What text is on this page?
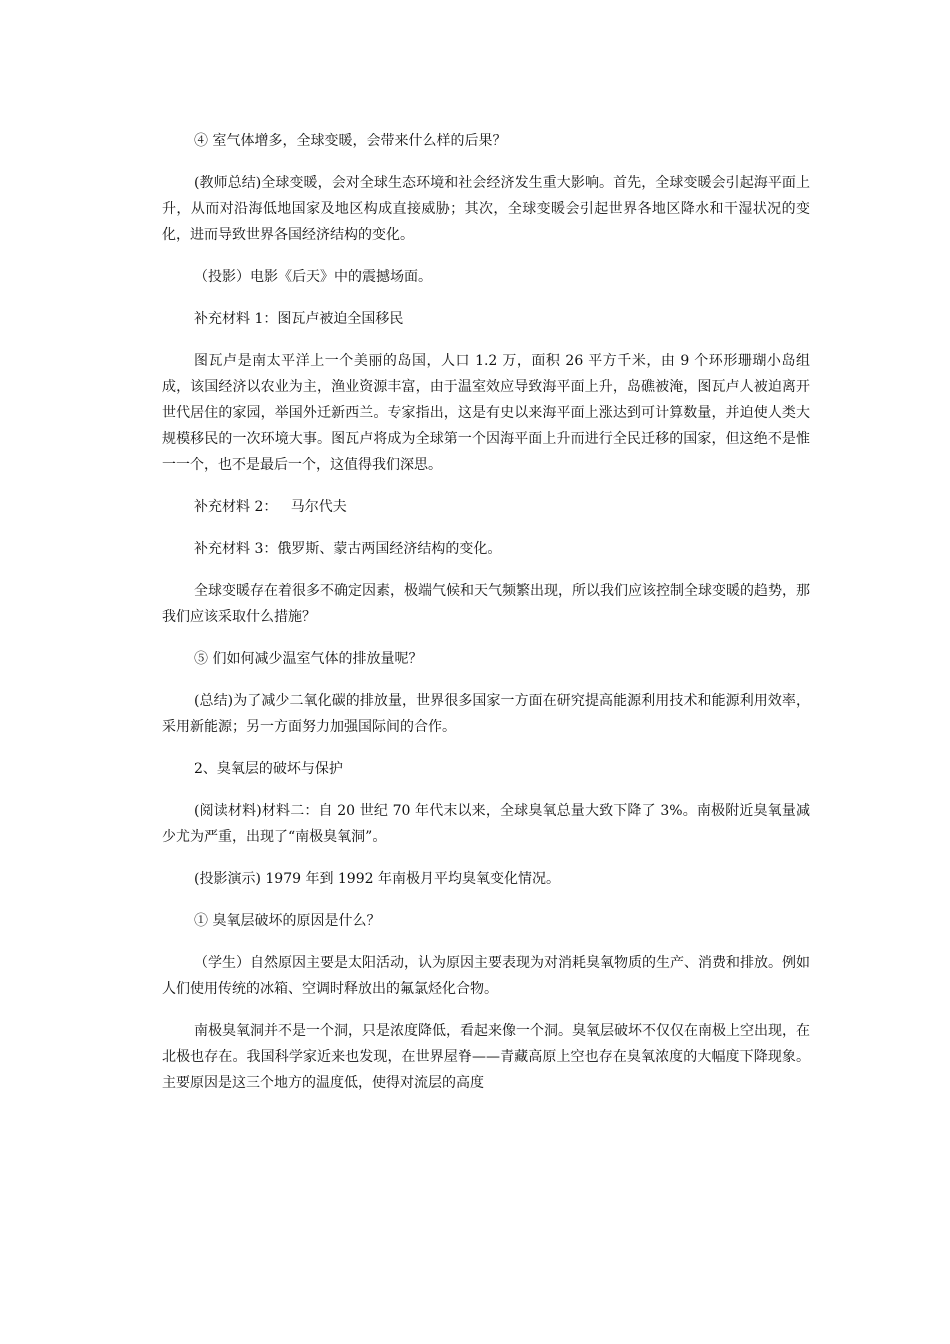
④ 室气体增多，全球变暖，会带来什么样的后果？

(教师总结)全球变暖，会对全球生态环境和社会经济发生重大影响。首先，全球变暖会引起海平面上升，从而对沿海低地国家及地区构成直接威胁；其次，全球变暖会引起世界各地区降水和干湿状况的变化，进而导致世界各国经济结构的变化。

（投影）电影《后天》中的震撼场面。

补充材料 1：图瓦卢被迫全国移民

图瓦卢是南太平洋上一个美丽的岛国，人口 1.2 万，面积 26 平方千米，由 9 个环形珊瑚小岛组成，该国经济以农业为主，渔业资源丰富，由于温室效应导致海平面上升，岛礁被淹，图瓦卢人被迫离开世代居住的家园，举国外迁新西兰。专家指出，这是有史以来海平面上涨达到可计算数量，并迫使人类大规模移民的一次环境大事。图瓦卢将成为全球第一个因海平面上升而进行全民迁移的国家，但这绝不是惟一一个，也不是最后一个，这值得我们深思。

补充材料 2：   马尔代夫

补充材料 3：俄罗斯、蒙古两国经济结构的变化。

全球变暖存在着很多不确定因素，极端气候和天气频繁出现，所以我们应该控制全球变暖的趋势，那我们应该采取什么措施？

⑤ 们如何减少温室气体的排放量呢？

(总结)为了减少二氧化碳的排放量，世界很多国家一方面在研究提高能源利用技术和能源利用效率，采用新能源；另一方面努力加强国际间的合作。

2、臭氧层的破坏与保护

(阅读材料)材料二：自 20 世纪 70 年代末以来，全球臭氧总量大致下降了 3%。南极附近臭氧量减少尤为严重，出现了“南极臭氧洞”。

(投影演示) 1979 年到 1992 年南极月平均臭氧变化情况。

① 臭氧层破坏的原因是什么？

（学生）自然原因主要是太阳活动，认为原因主要表现为对消耗臭氧物质的生产、消费和排放。例如人们使用传统的冰箱、空调时释放出的氟氯烃化合物。

南极臭氧洞并不是一个洞，只是浓度降低，看起来像一个洞。臭氧层破坏不仅仅在南极上空出现，在北极也存在。我国科学家近来也发现，在世界屋脊——青藏高原上空也存在臭氧浓度的大幅度下降现象。  主要原因是这三个地方的温度低，使得对流层的高度
